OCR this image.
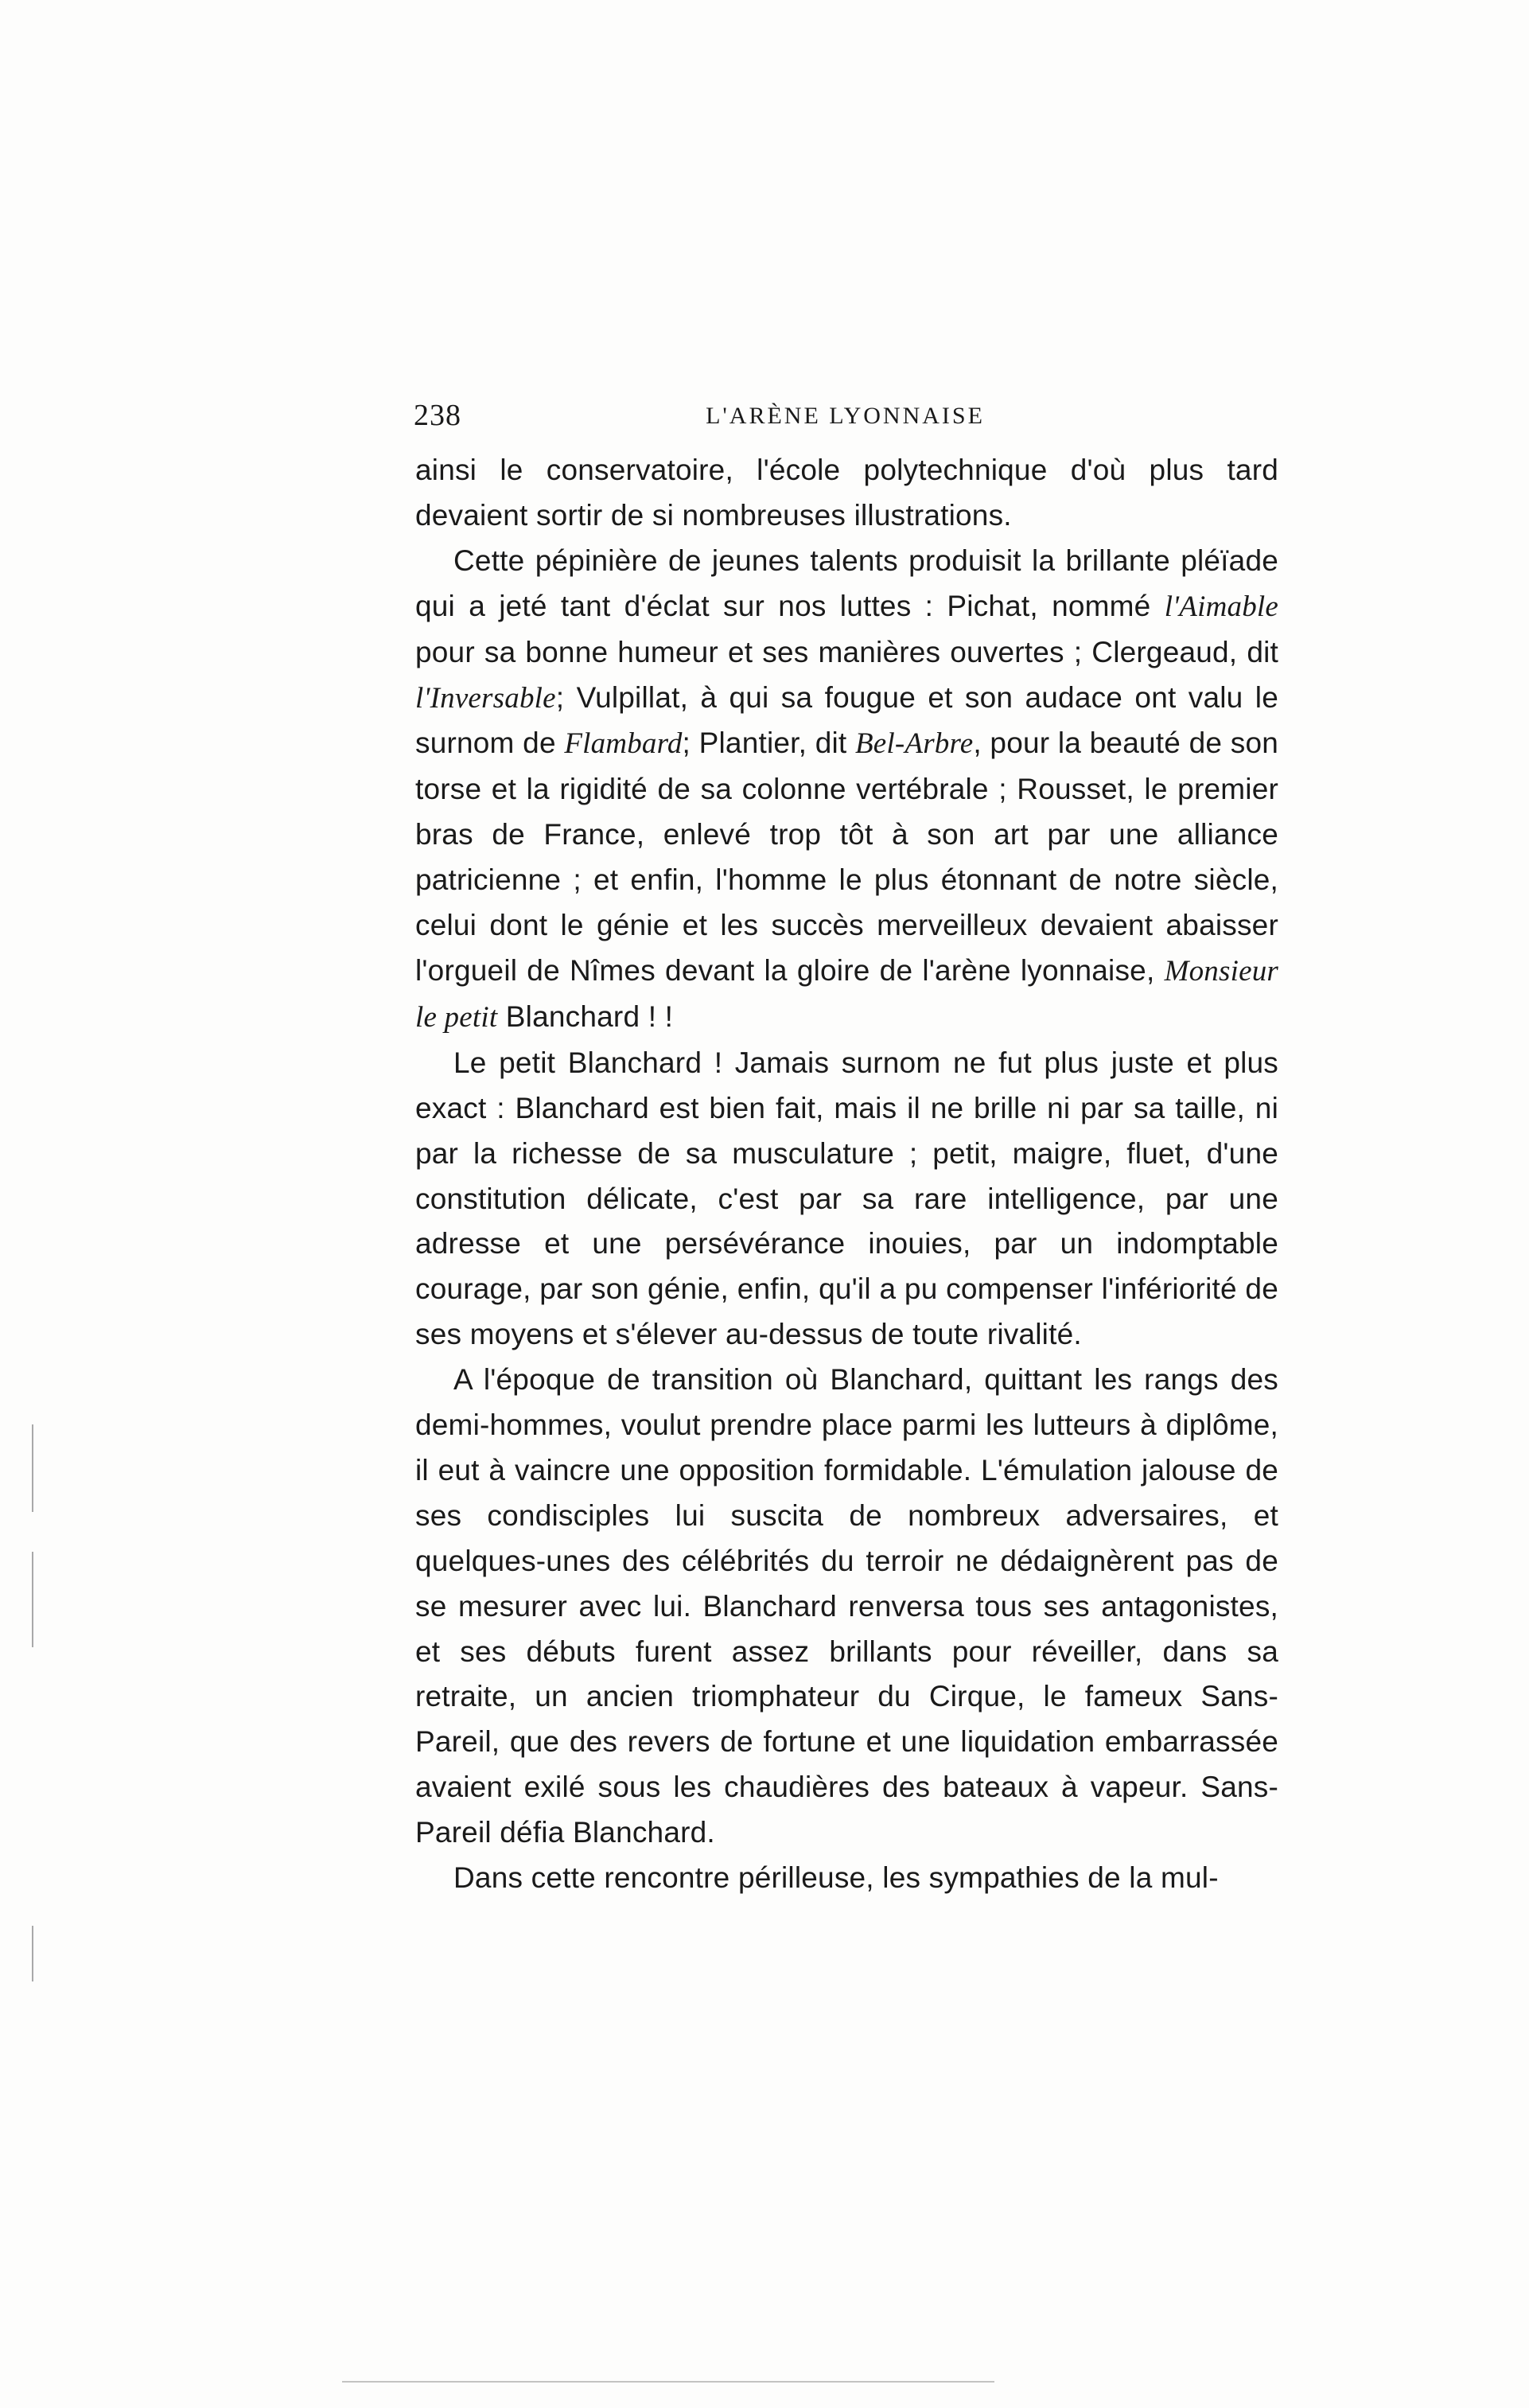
238	L'ARÈNE LYONNAISE

ainsi le conservatoire, l'école polytechnique d'où plus tard devaient sortir de si nombreuses illustrations.

Cette pépinière de jeunes talents produisit la brillante pléïade qui a jeté tant d'éclat sur nos luttes : Pichat, nommé l'Aimable pour sa bonne humeur et ses manières ouvertes ; Clergeaud, dit l'Inversable; Vulpillat, à qui sa fougue et son audace ont valu le surnom de Flambard; Plantier, dit Bel-Arbre, pour la beauté de son torse et la rigidité de sa colonne vertébrale ; Rousset, le premier bras de France, enlevé trop tôt à son art par une alliance patricienne ; et enfin, l'homme le plus étonnant de notre siècle, celui dont le génie et les succès merveilleux devaient abaisser l'orgueil de Nîmes devant la gloire de l'arène lyonnaise, Monsieur le petit Blanchard ! !

Le petit Blanchard ! Jamais surnom ne fut plus juste et plus exact : Blanchard est bien fait, mais il ne brille ni par sa taille, ni par la richesse de sa musculature ; petit, maigre, fluet, d'une constitution délicate, c'est par sa rare intelligence, par une adresse et une persévérance inouies, par un indomptable courage, par son génie, enfin, qu'il a pu compenser l'infériorité de ses moyens et s'élever au-dessus de toute rivalité.

A l'époque de transition où Blanchard, quittant les rangs des demi-hommes, voulut prendre place parmi les lutteurs à diplôme, il eut à vaincre une opposition formidable. L'émulation jalouse de ses condisciples lui suscita de nombreux adversaires, et quelques-unes des célébrités du terroir ne dédaignèrent pas de se mesurer avec lui. Blanchard renversa tous ses antagonistes, et ses débuts furent assez brillants pour réveiller, dans sa retraite, un ancien triomphateur du Cirque, le fameux Sans-Pareil, que des revers de fortune et une liquidation embarrassée avaient exilé sous les chaudières des bateaux à vapeur. Sans-Pareil défia Blanchard.

Dans cette rencontre périlleuse, les sympathies de la mul-
